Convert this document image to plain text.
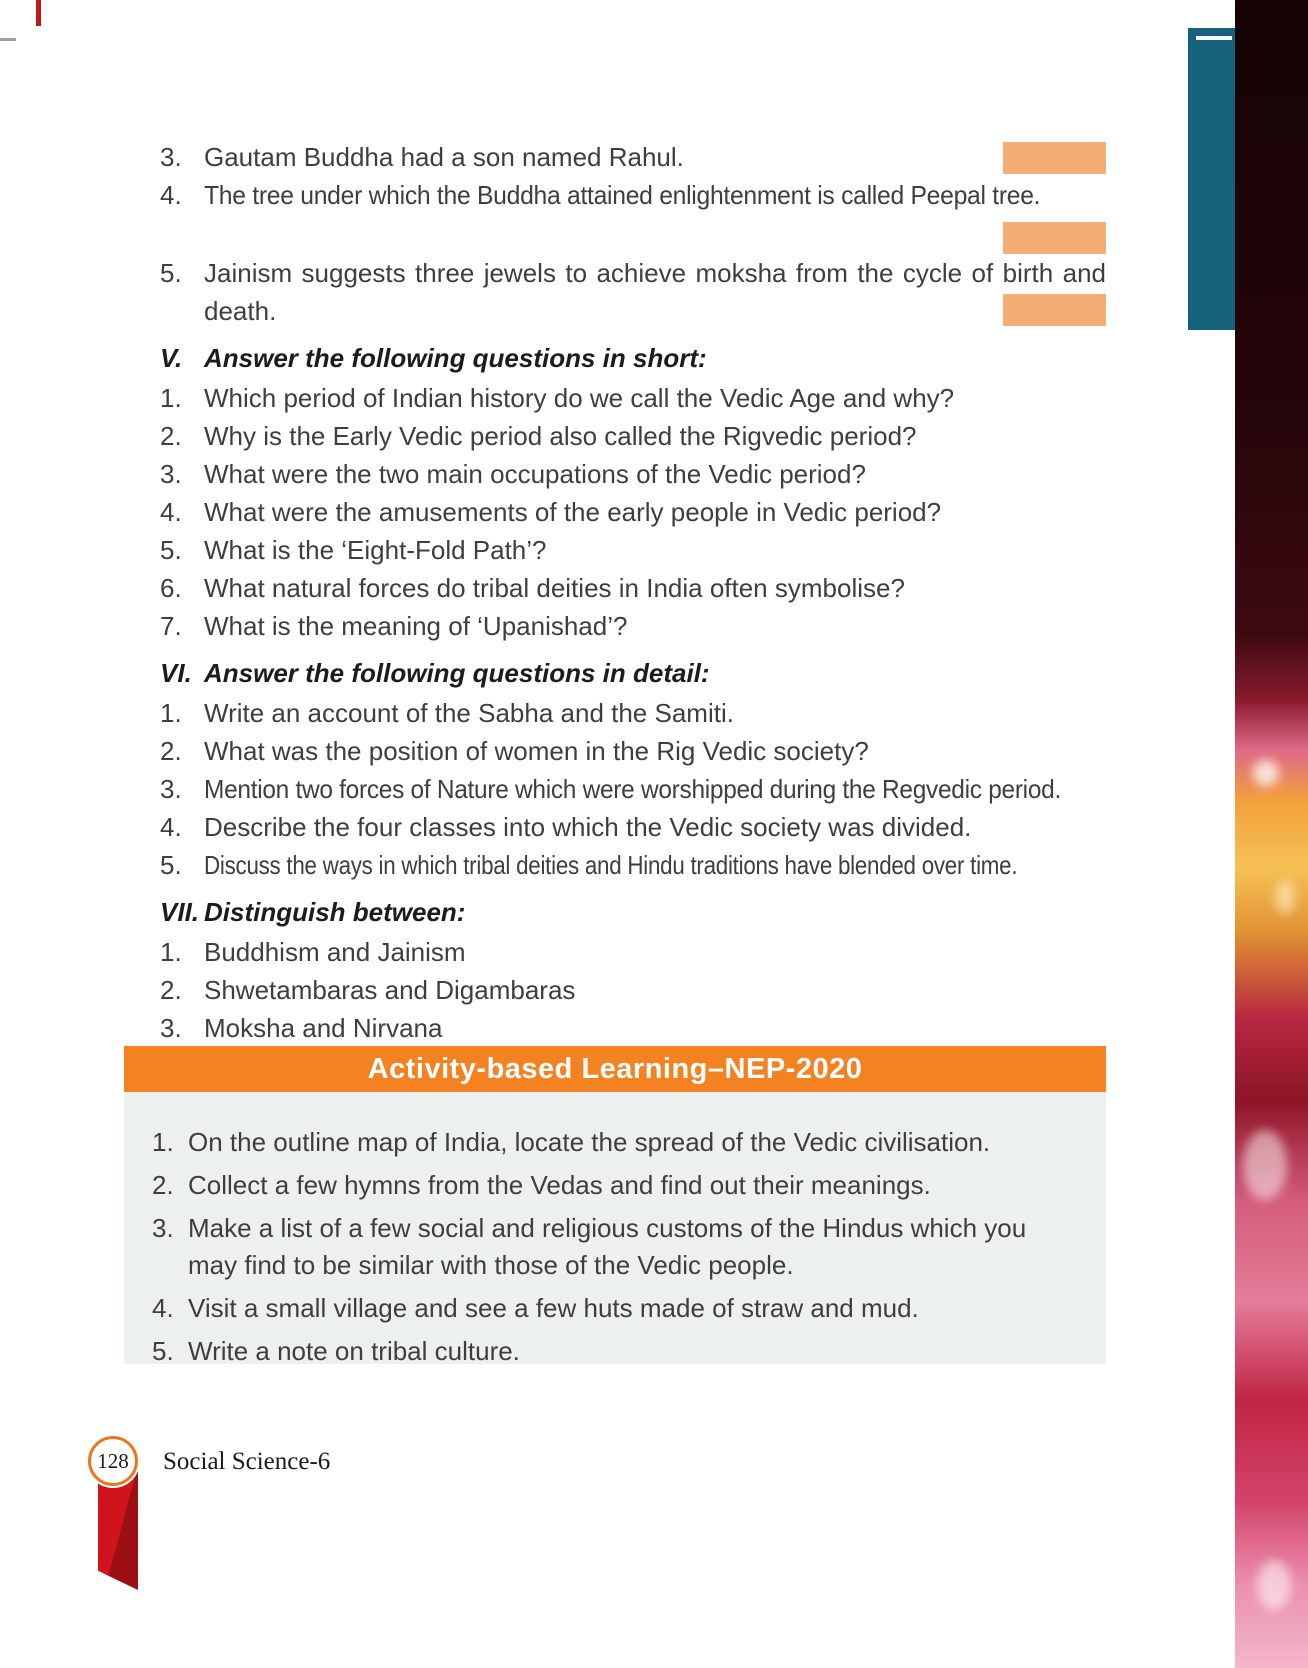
3. Gautam Buddha had a son named Rahul.
4. The tree under which the Buddha attained enlightenment is called Peepal tree.
5. Jainism suggests three jewels to achieve moksha from the cycle of birth and death.
V. Answer the following questions in short:
1. Which period of Indian history do we call the Vedic Age and why?
2. Why is the Early Vedic period also called the Rigvedic period?
3. What were the two main occupations of the Vedic period?
4. What were the amusements of the early people in Vedic period?
5. What is the ‘Eight-Fold Path’?
6. What natural forces do tribal deities in India often symbolise?
7. What is the meaning of ‘Upanishad’?
VI. Answer the following questions in detail:
1. Write an account of the Sabha and the Samiti.
2. What was the position of women in the Rig Vedic society?
3. Mention two forces of Nature which were worshipped during the Regvedic period.
4. Describe the four classes into which the Vedic society was divided.
5. Discuss the ways in which tribal deities and Hindu traditions have blended over time.
VII. Distinguish between:
1. Buddhism and Jainism
2. Shwetambaras and Digambaras
3. Moksha and Nirvana
Activity-based Learning–NEP-2020
1. On the outline map of India, locate the spread of the Vedic civilisation.
2. Collect a few hymns from the Vedas and find out their meanings.
3. Make a list of a few social and religious customs of the Hindus which you may find to be similar with those of the Vedic people.
4. Visit a small village and see a few huts made of straw and mud.
5. Write a note on tribal culture.
128 Social Science-6
